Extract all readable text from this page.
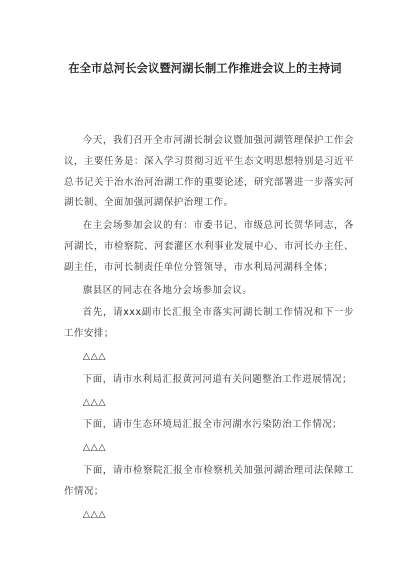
在全市总河长会议暨河湖长制工作推进会议上的主持词
今天，我们召开全市河湖长制会议暨加强河湖管理保护工作会议，主要任务是：深入学习贯彻习近平生态文明思想特别是习近平总书记关于治水治河治湖工作的重要论述，研究部署进一步落实河湖长制、全面加强河湖保护治理工作。
在主会场参加会议的有：市委书记、市级总河长贺华同志，各河湖长，市检察院、河套灌区水利事业发展中心、市河长办主任、副主任，市河长制责任单位分管领导，市水利局河湖科全体；
旗县区的同志在各地分会场参加会议。
首先，请xxx副市长汇报全市落实河湖长制工作情况和下一步工作安排；
△△△
下面，请市水利局汇报黄河河道有关问题整治工作进展情况；
△△△
下面，请市生态环境局汇报全市河湖水污染防治工作情况；
△△△
下面，请市检察院汇报全市检察机关加强河湖治理司法保障工作情况；
△△△
